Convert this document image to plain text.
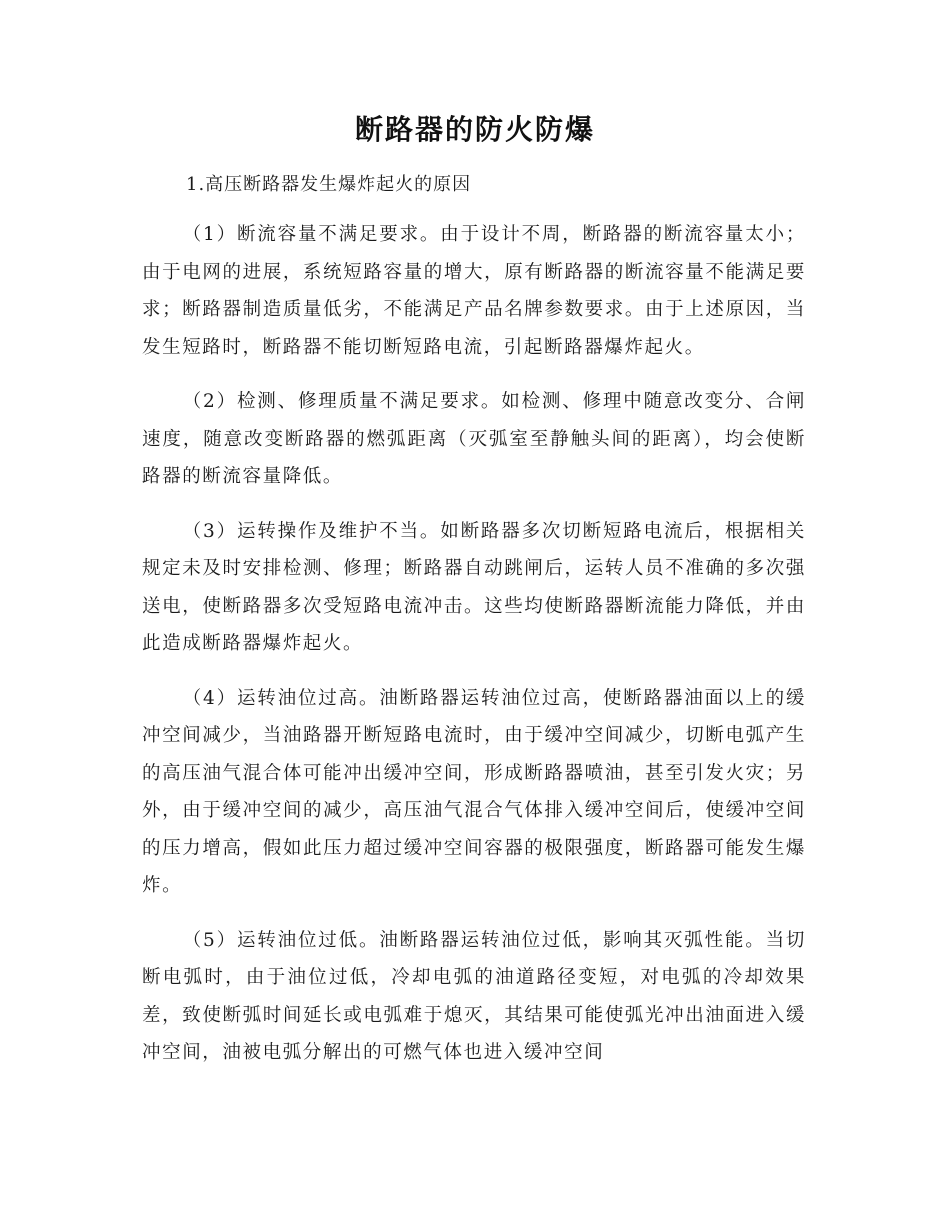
断路器的防火防爆
1.高压断路器发生爆炸起火的原因

（1）断流容量不满足要求。由于设计不周，断路器的断流容量太小；由于电网的进展，系统短路容量的增大，原有断路器的断流容量不能满足要求；断路器制造质量低劣，不能满足产品名牌参数要求。由于上述原因，当发生短路时，断路器不能切断短路电流，引起断路器爆炸起火。

（2）检测、修理质量不满足要求。如检测、修理中随意改变分、合闸速度，随意改变断路器的燃弧距离（灭弧室至静触头间的距离），均会使断路器的断流容量降低。

（3）运转操作及维护不当。如断路器多次切断短路电流后，根据相关规定未及时安排检测、修理；断路器自动跳闸后，运转人员不准确的多次强送电，使断路器多次受短路电流冲击。这些均使断路器断流能力降低，并由此造成断路器爆炸起火。

（4）运转油位过高。油断路器运转油位过高，使断路器油面以上的缓冲空间减少，当油路器开断短路电流时，由于缓冲空间减少，切断电弧产生的高压油气混合体可能冲出缓冲空间，形成断路器喷油，甚至引发火灾；另外，由于缓冲空间的减少，高压油气混合气体排入缓冲空间后，使缓冲空间的压力增高，假如此压力超过缓冲空间容器的极限强度，断路器可能发生爆炸。

（5）运转油位过低。油断路器运转油位过低，影响其灭弧性能。当切断电弧时，由于油位过低，冷却电弧的油道路径变短，对电弧的冷却效果差，致使断弧时间延长或电弧难于熄灭，其结果可能使弧光冲出油面进入缓冲空间，油被电弧分解出的可燃气体也进入缓冲空间
